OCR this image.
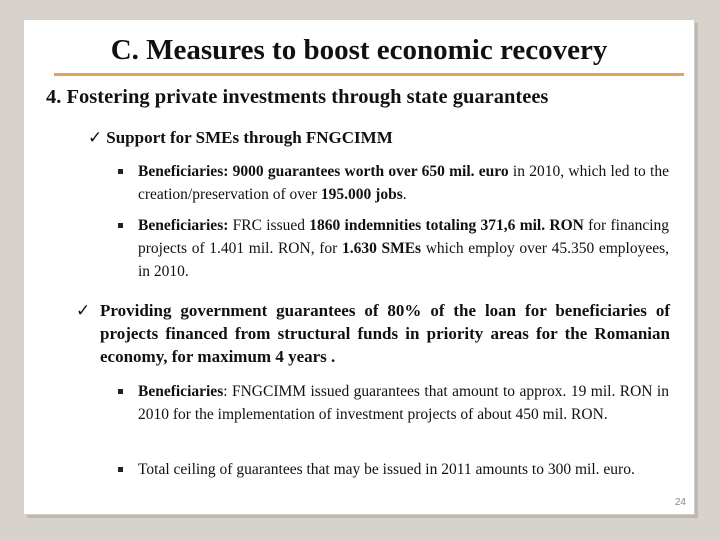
C. Measures to boost economic recovery
4. Fostering private investments through state guarantees
✓ Support for SMEs through FNGCIMM
Beneficiaries: 9000 guarantees worth over 650 mil. euro in 2010, which led to the creation/preservation of over 195.000 jobs.
Beneficiaries: FRC issued 1860 indemnities totaling 371,6 mil. RON for financing projects of 1.401 mil. RON, for 1.630 SMEs which employ over 45.350 employees, in 2010.
✓ Providing government guarantees of 80% of the loan for beneficiaries of projects financed from structural funds in priority areas for the Romanian economy, for maximum 4 years .
Beneficiaries: FNGCIMM issued guarantees that amount to approx. 19 mil. RON in 2010 for the implementation of investment projects of about 450 mil. RON.
Total ceiling of guarantees that may be issued in 2011 amounts to 300 mil. euro.
24
